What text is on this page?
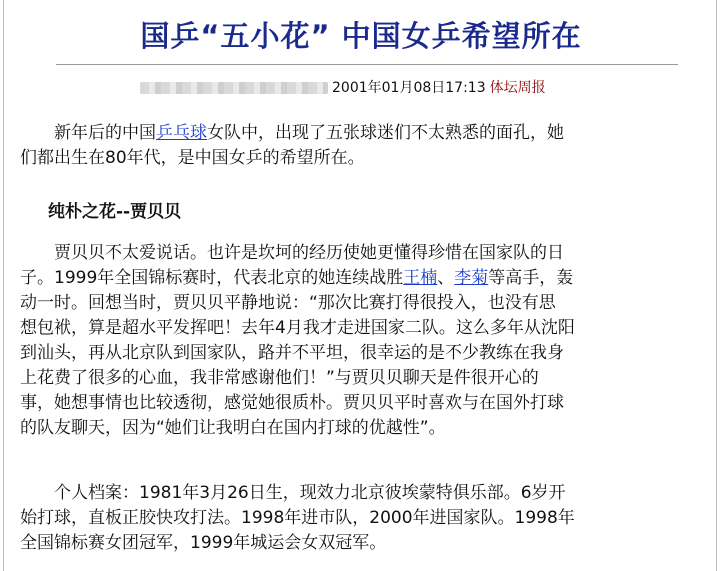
国乒“五小花” 中国女乒希望所在
2001年01月08日17:13 体坛周报
　　新年后的中国乒乓球女队中，出现了五张球迷们不太熟悉的面孔，她
们都出生在80年代，是中国女乒的希望所在。
纯朴之花--贾贝贝
　　贾贝贝不太爱说话。也许是坎坷的经历使她更懂得珍惜在国家队的日
子。1999年全国锦标赛时，代表北京的她连续战胜王楠、李菊等高手，轰
动一时。回想当时，贾贝贝平静地说：“那次比赛打得很投入，也没有思
想包袱，算是超水平发挥吧！去年4月我才走进国家二队。这么多年从沈阳
到汕头，再从北京队到国家队，路并不平坦，很幸运的是不少教练在我身
上花费了很多的心血，我非常感谢他们！”与贾贝贝聊天是件很开心的
事，她想事情也比较透彻，感觉她很质朴。贾贝贝平时喜欢与在国外打球
的队友聊天，因为“她们让我明白在国内打球的优越性”。
　　个人档案：1981年3月26日生，现效力北京彼埃蒙特俱乐部。6岁开
始打球，直板正胶快攻打法。1998年进市队，2000年进国家队。1998年
全国锦标赛女团冠军，1999年城运会女双冠军。
